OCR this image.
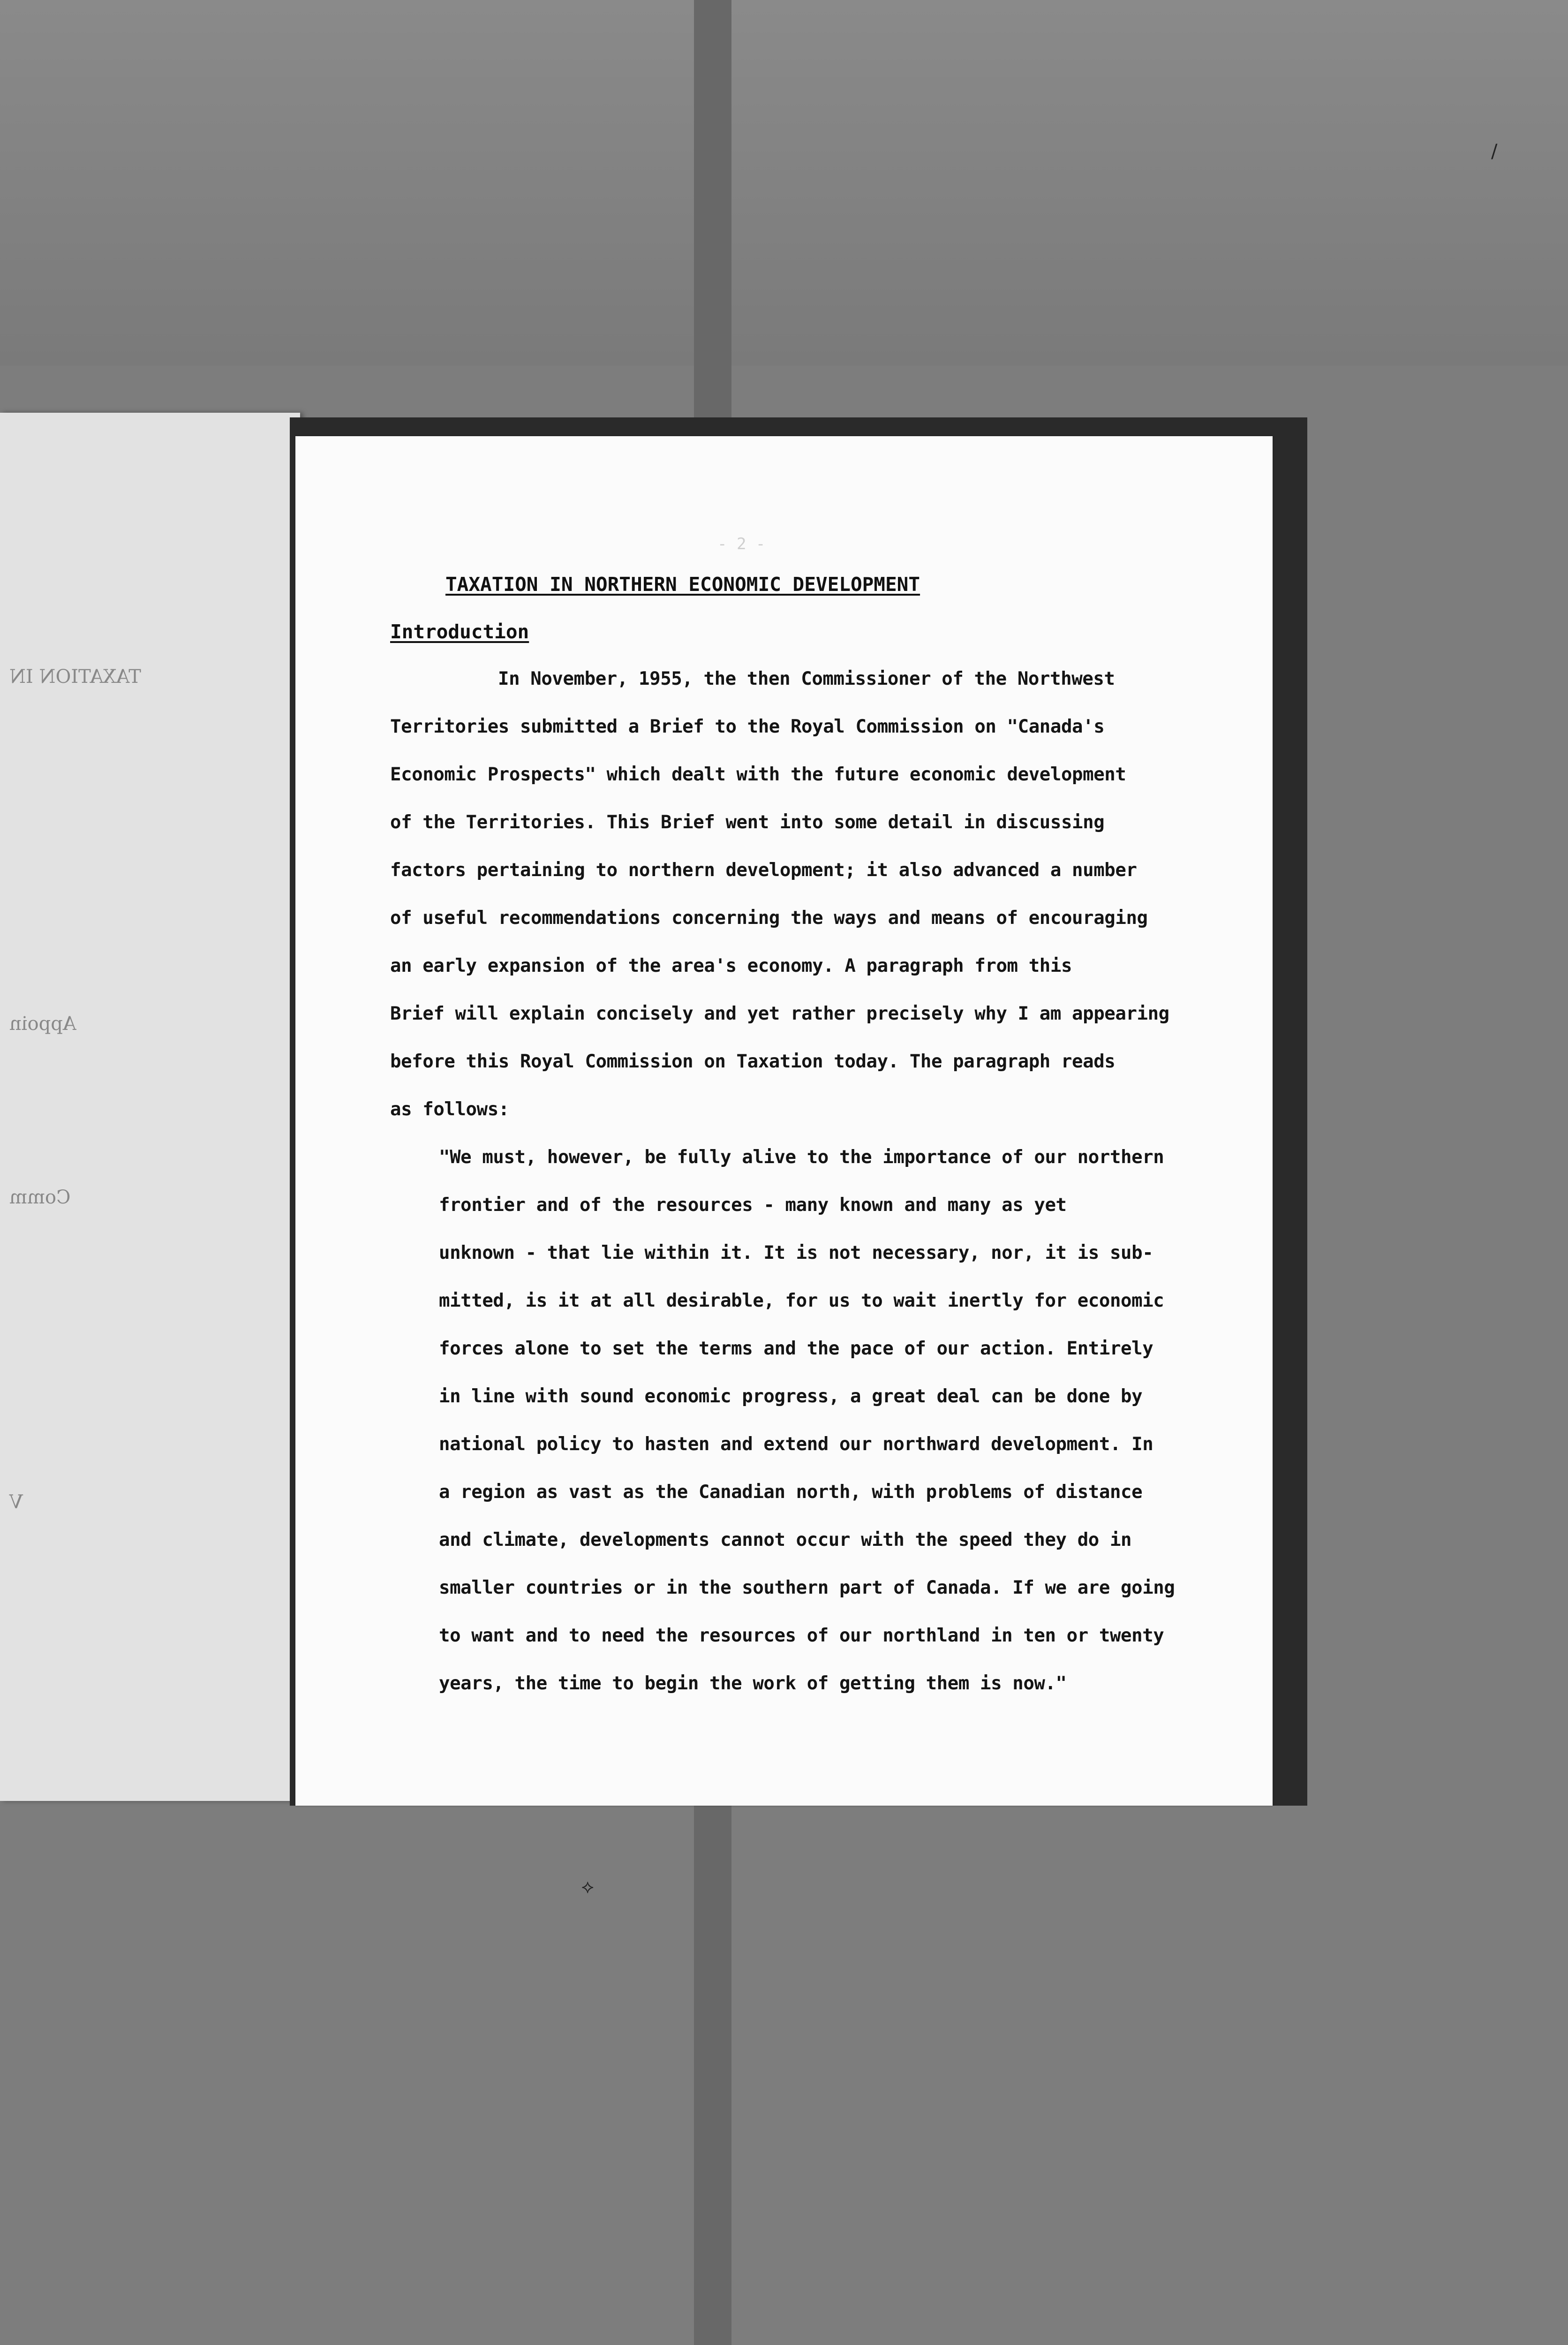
TAXATION IN
Appoin
Comm
V
- 2 -
TAXATION IN NORTHERN ECONOMIC DEVELOPMENT
Introduction
In November, 1955, the then Commissioner of the Northwest
Territories submitted a Brief to the Royal Commission on "Canada's
Economic Prospects" which dealt with the future economic development
of the Territories. This Brief went into some detail in discussing
factors pertaining to northern development; it also advanced a number
of useful recommendations concerning the ways and means of encouraging
an early expansion of the area's economy. A paragraph from this
Brief will explain concisely and yet rather precisely why I am appearing
before this Royal Commission on Taxation today. The paragraph reads
as follows:
"We must, however, be fully alive to the importance of our northern
frontier and of the resources - many known and many as yet
unknown - that lie within it. It is not necessary, nor, it is sub-
mitted, is it at all desirable, for us to wait inertly for economic
forces alone to set the terms and the pace of our action. Entirely
in line with sound economic progress, a great deal can be done by
national policy to hasten and extend our northward development. In
a region as vast as the Canadian north, with problems of distance
and climate, developments cannot occur with the speed they do in
smaller countries or in the southern part of Canada. If we are going
to want and to need the resources of our northland in ten or twenty
years, the time to begin the work of getting them is now."
/
⟡
